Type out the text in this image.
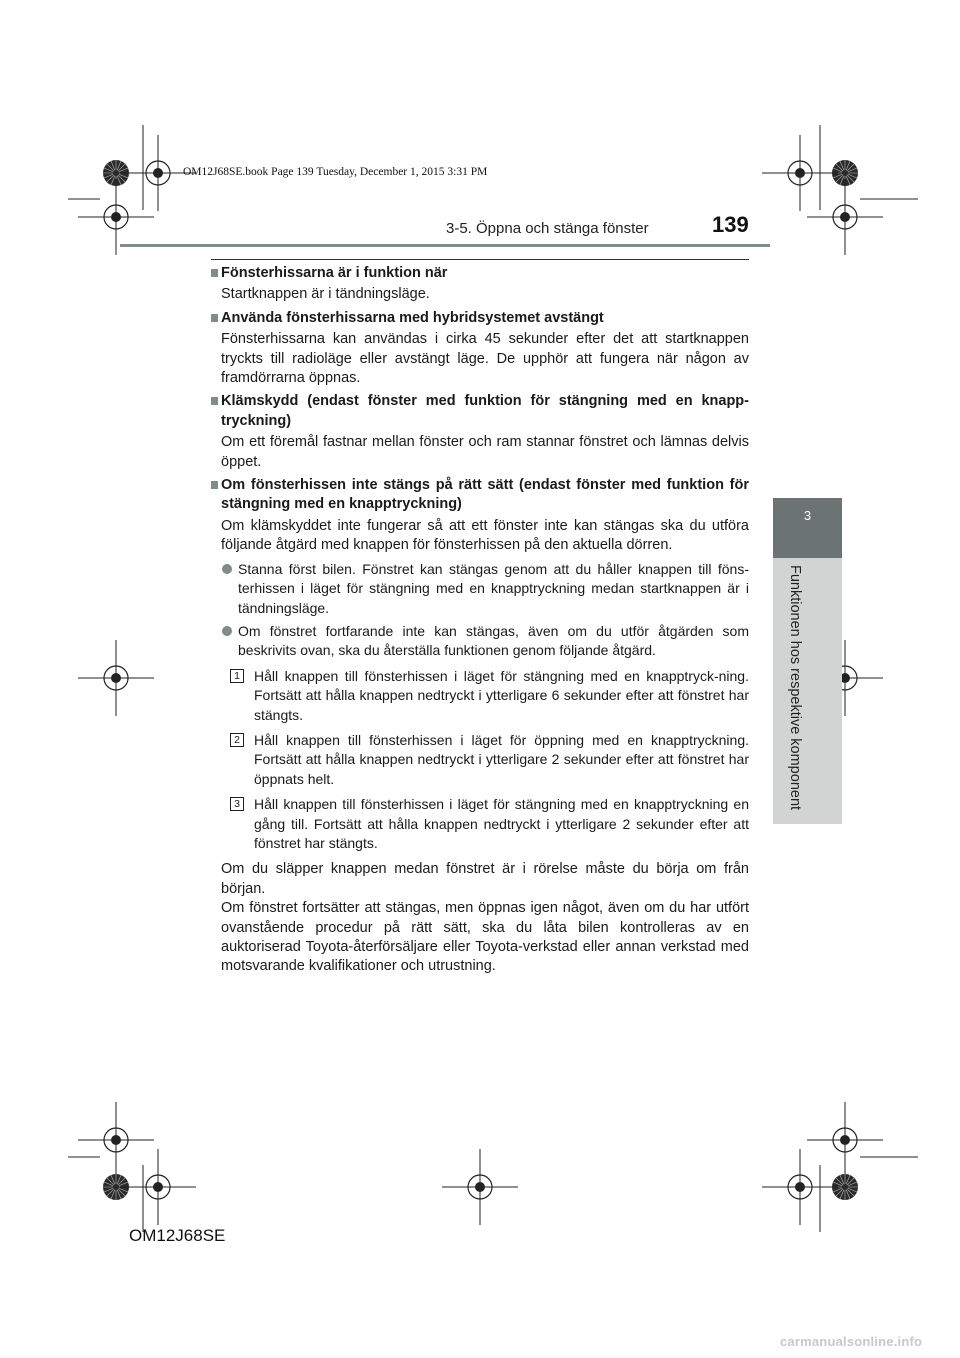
OM12J68SE.book Page 139 Tuesday, December 1, 2015 3:31 PM
3-5. Öppna och stänga fönster	139
3
Funktionen hos respektive komponent
Fönsterhissarna är i funktion när
Startknappen är i tändningsläge.
Använda fönsterhissarna med hybridsystemet avstängt
Fönsterhissarna kan användas i cirka 45 sekunder efter det att startknappen tryckts till radioläge eller avstängt läge. De upphör att fungera när någon av framdörrarna öppnas.
Klämskydd (endast fönster med funktion för stängning med en knapp-tryckning)
Om ett föremål fastnar mellan fönster och ram stannar fönstret och lämnas delvis öppet.
Om fönsterhissen inte stängs på rätt sätt (endast fönster med funktion för stängning med en knapptryckning)
Om klämskyddet inte fungerar så att ett fönster inte kan stängas ska du utföra följande åtgärd med knappen för fönsterhissen på den aktuella dörren.
Stanna först bilen. Fönstret kan stängas genom att du håller knappen till föns-terhissen i läget för stängning med en knapptryckning medan startknappen är i tändningsläge.
Om fönstret fortfarande inte kan stängas, även om du utför åtgärden som beskrivits ovan, ska du återställa funktionen genom följande åtgärd.
1 Håll knappen till fönsterhissen i läget för stängning med en knapptryck-ning. Fortsätt att hålla knappen nedtryckt i ytterligare 6 sekunder efter att fönstret har stängts.
2 Håll knappen till fönsterhissen i läget för öppning med en knapptryckning. Fortsätt att hålla knappen nedtryckt i ytterligare 2 sekunder efter att fönstret har öppnats helt.
3 Håll knappen till fönsterhissen i läget för stängning med en knapptryckning en gång till. Fortsätt att hålla knappen nedtryckt i ytterligare 2 sekunder efter att fönstret har stängts.
Om du släpper knappen medan fönstret är i rörelse måste du börja om från början.
Om fönstret fortsätter att stängas, men öppnas igen något, även om du har utfört ovanstående procedur på rätt sätt, ska du låta bilen kontrolleras av en auktoriserad Toyota-återförsäljare eller Toyota-verkstad eller annan verkstad med motsvarande kvalifikationer och utrustning.
OM12J68SE
carmanualsonline.info
